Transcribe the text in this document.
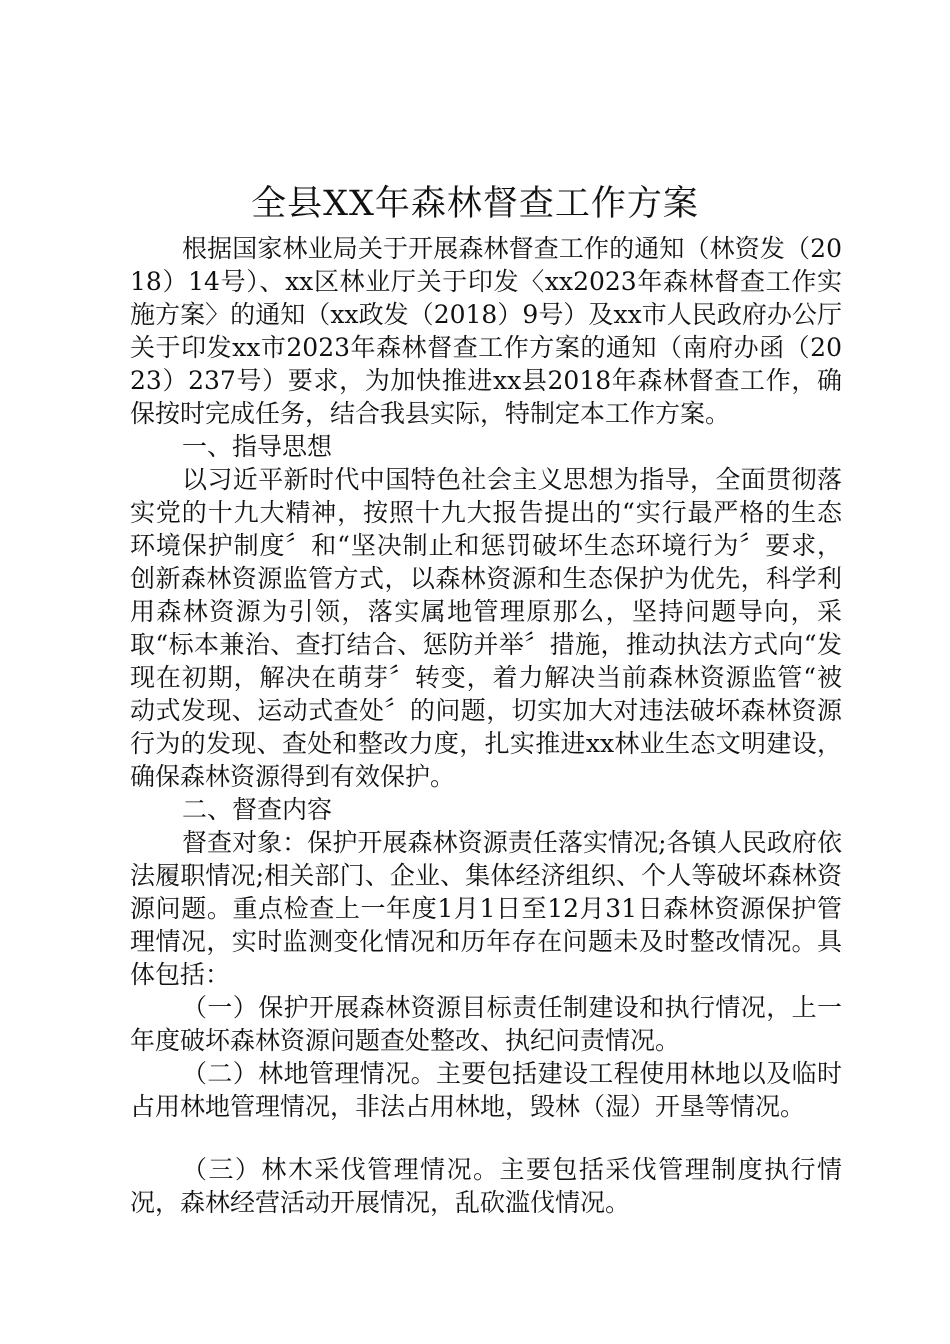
全县XX年森林督查工作方案

根据国家林业局关于开展森林督查工作的通知（林资发（2018）14号）、xx区林业厅关于印发〈xx2023年森林督查工作实施方案〉的通知（xx政发（2018）9号）及xx市人民政府办公厅关于印发xx市2023年森林督查工作方案的通知（南府办函（2023）237号）要求，为加快推进xx县2018年森林督查工作，确保按时完成任务，结合我县实际，特制定本工作方案。

一、指导思想

以习近平新时代中国特色社会主义思想为指导，全面贯彻落实党的十九大精神，按照十九大报告提出的“实行最严格的生态环境保护制度〞和“坚决制止和惩罚破坏生态环境行为〞要求，创新森林资源监管方式，以森林资源和生态保护为优先，科学利用森林资源为引领，落实属地管理原那么，坚持问题导向，采取“标本兼治、查打结合、惩防并举〞措施，推动执法方式向“发现在初期，解决在萌芽〞转变，着力解决当前森林资源监管“被动式发现、运动式查处〞的问题，切实加大对违法破坏森林资源行为的发现、查处和整改力度，扎实推进xx林业生态文明建设，确保森林资源得到有效保护。

二、督查内容

督查对象：保护开展森林资源责任落实情况;各镇人民政府依法履职情况;相关部门、企业、集体经济组织、个人等破坏森林资源问题。重点检查上一年度1月1日至12月31日森林资源保护管理情况，实时监测变化情况和历年存在问题未及时整改情况。具体包括：

（一）保护开展森林资源目标责任制建设和执行情况，上一年度破坏森林资源问题查处整改、执纪问责情况。

（二）林地管理情况。主要包括建设工程使用林地以及临时占用林地管理情况，非法占用林地，毁林（湿）开垦等情况。

（三）林木采伐管理情况。主要包括采伐管理制度执行情况，森林经营活动开展情况，乱砍滥伐情况。
